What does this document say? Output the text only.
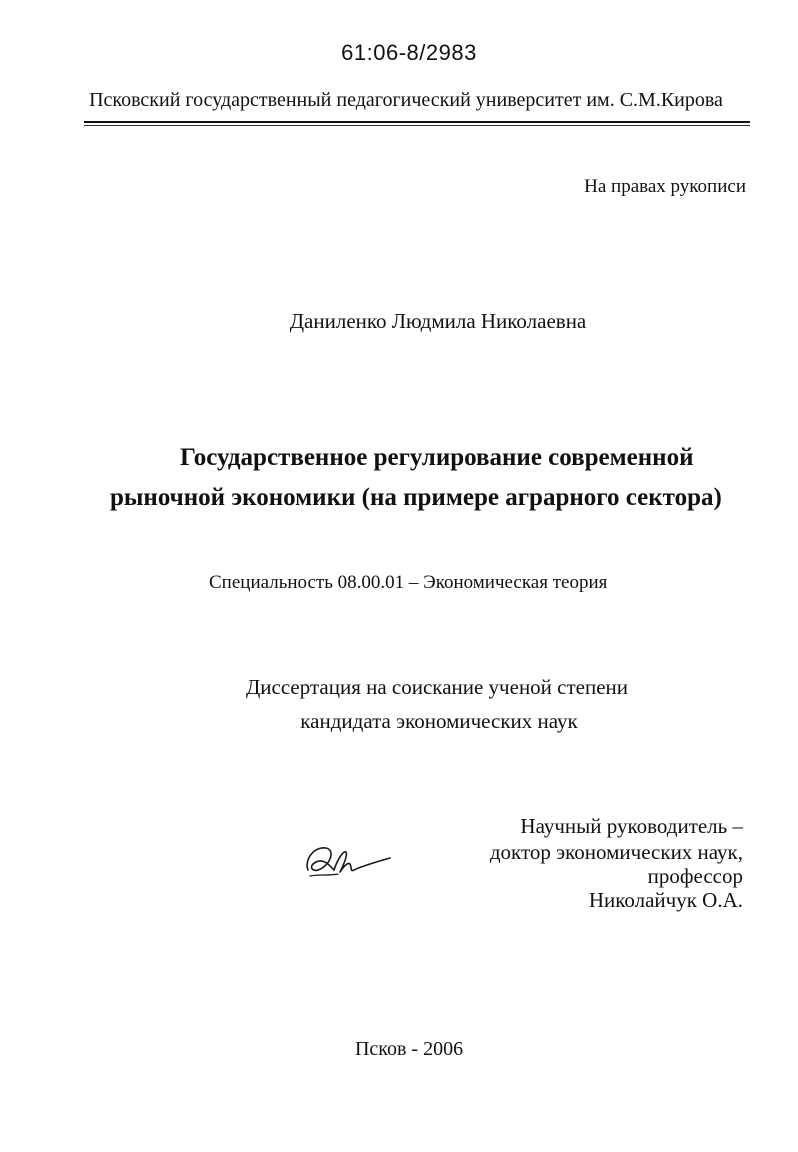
61:06-8/2983
Псковский государственный педагогический университет им. С.М.Кирова
На правах рукописи
Даниленко Людмила Николаевна
Государственное регулирование современной
рыночной экономики (на примере аграрного сектора)
Специальность 08.00.01 – Экономическая теория
Диссертация на соискание ученой степени
кандидата экономических наук
Научный руководитель –
доктор экономических наук,
профессор
Николайчук О.А.
Псков - 2006
